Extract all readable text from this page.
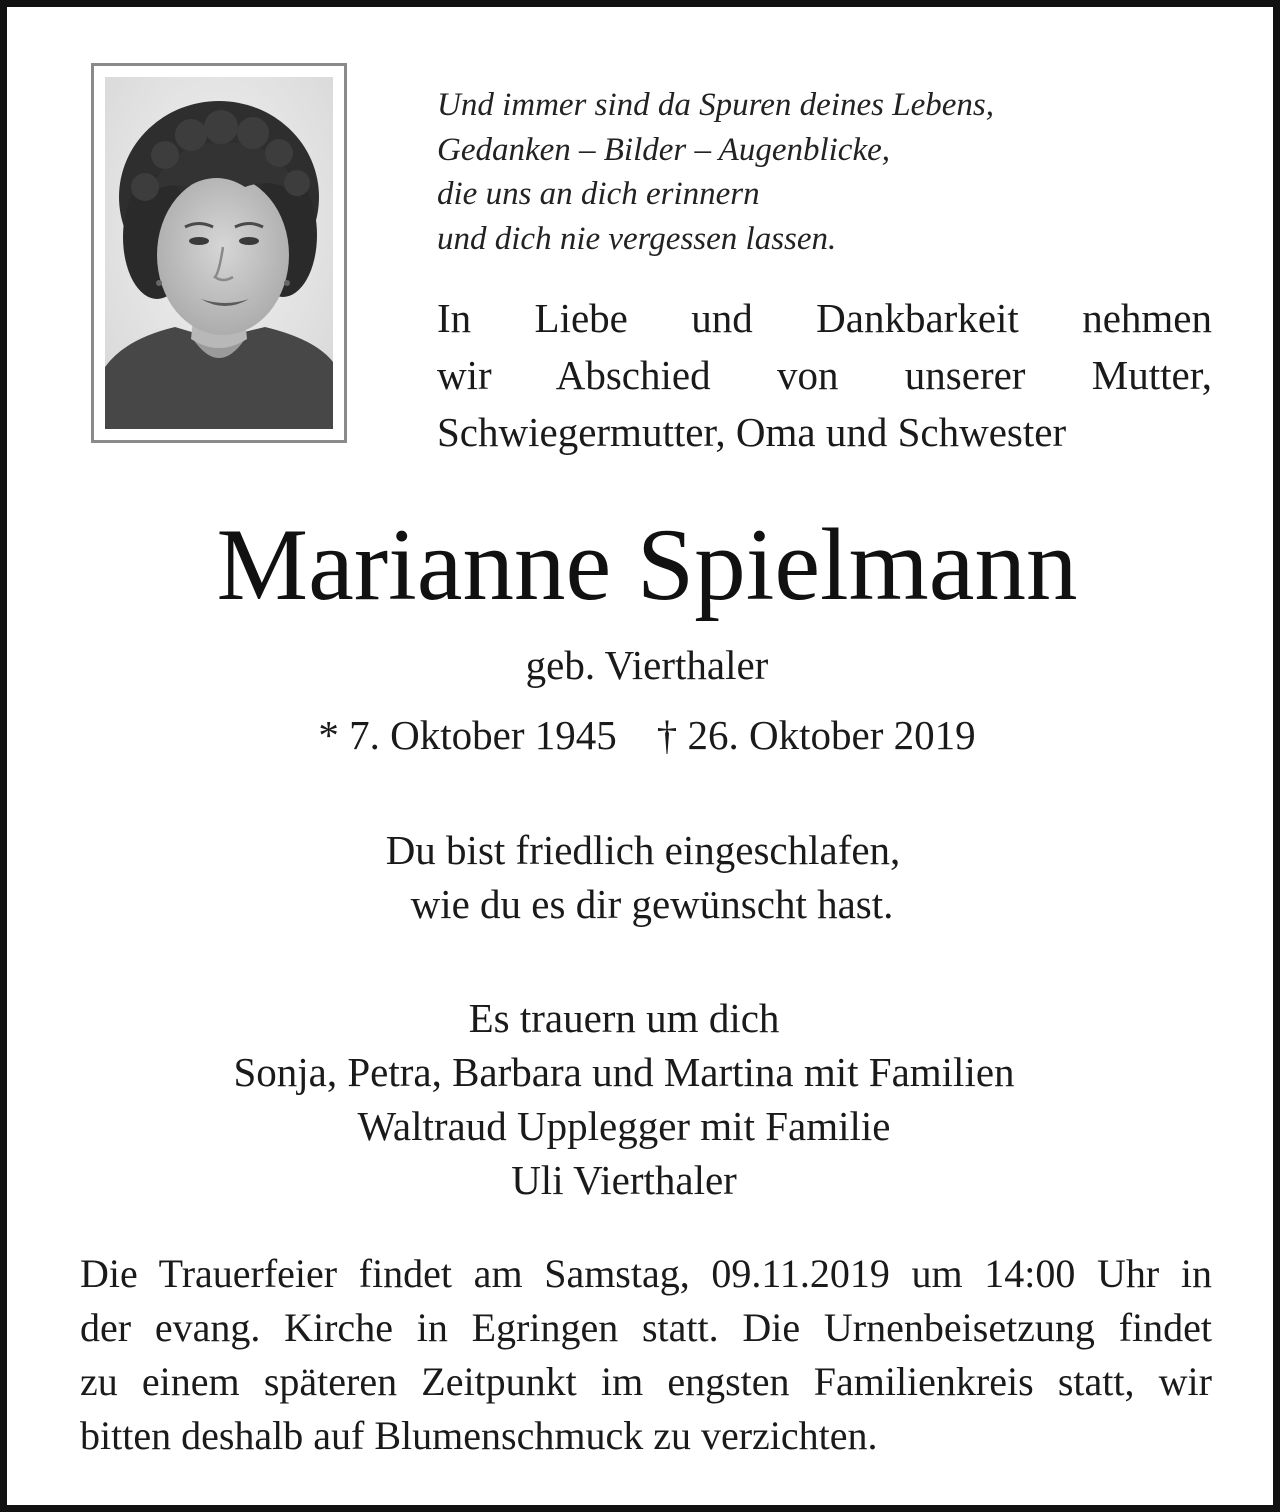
Und immer sind da Spuren deines Lebens,
Gedanken – Bilder – Augenblicke,
die uns an dich erinnern
und dich nie vergessen lassen.
In Liebe und Dankbarkeit nehmen
wir Abschied von unserer Mutter,
Schwiegermutter, Oma und Schwester
Marianne Spielmann
geb. Vierthaler
* 7. Oktober 1945 † 26. Oktober 2019
Du bist friedlich eingeschlafen,
wie du es dir gewünscht hast.
Es trauern um dich
Sonja, Petra, Barbara und Martina mit Familien
Waltraud Upplegger mit Familie
Uli Vierthaler
Die Trauerfeier findet am Samstag, 09.11.2019 um 14:00 Uhr in
der evang. Kirche in Egringen statt. Die Urnenbeisetzung findet
zu einem späteren Zeitpunkt im engsten Familienkreis statt, wir
bitten deshalb auf Blumenschmuck zu verzichten.
